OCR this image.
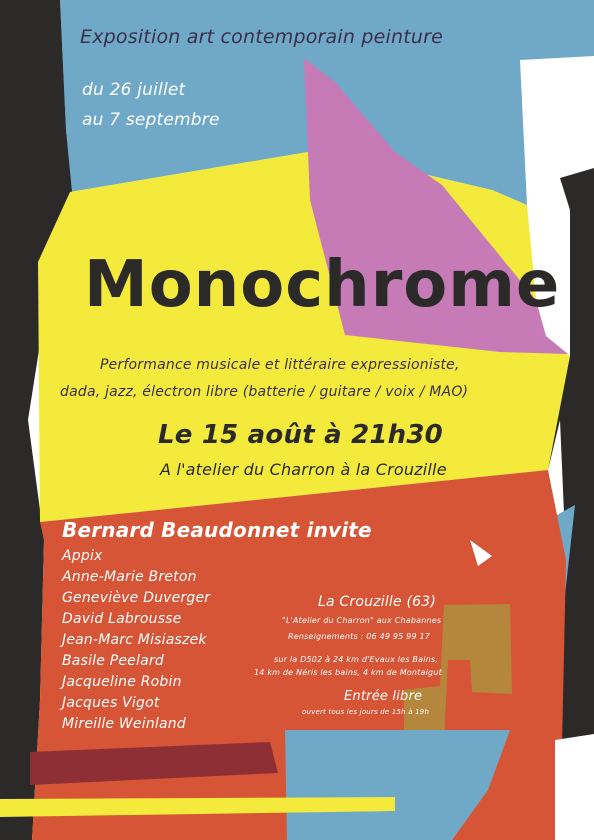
Exposition art contemporain peinture
du 26 juillet
au 7 septembre
Monochrome
Performance musicale et littéraire expressioniste,
dada, jazz, électron libre (batterie / guitare / voix / MAO)
Le 15 août à 21h30
A l'atelier du Charron à la Crouzille
Bernard Beaudonnet invite
Appix
Anne-Marie Breton
Geneviève Duverger
David Labrousse
Jean-Marc Misiaszek
Basile Peelard
Jacqueline Robin
Jacques Vigot
Mireille Weinland
La Crouzille (63)
"L'Atelier du Charron" aux Chabannes
Renseignements : 06 49 95 99 17
sur la D502 à 24 km d'Evaux les Bains,
14 km de Néris les bains, 4 km de Montaigut
Entrée libre
ouvert tous les jours de 15h à 19h
